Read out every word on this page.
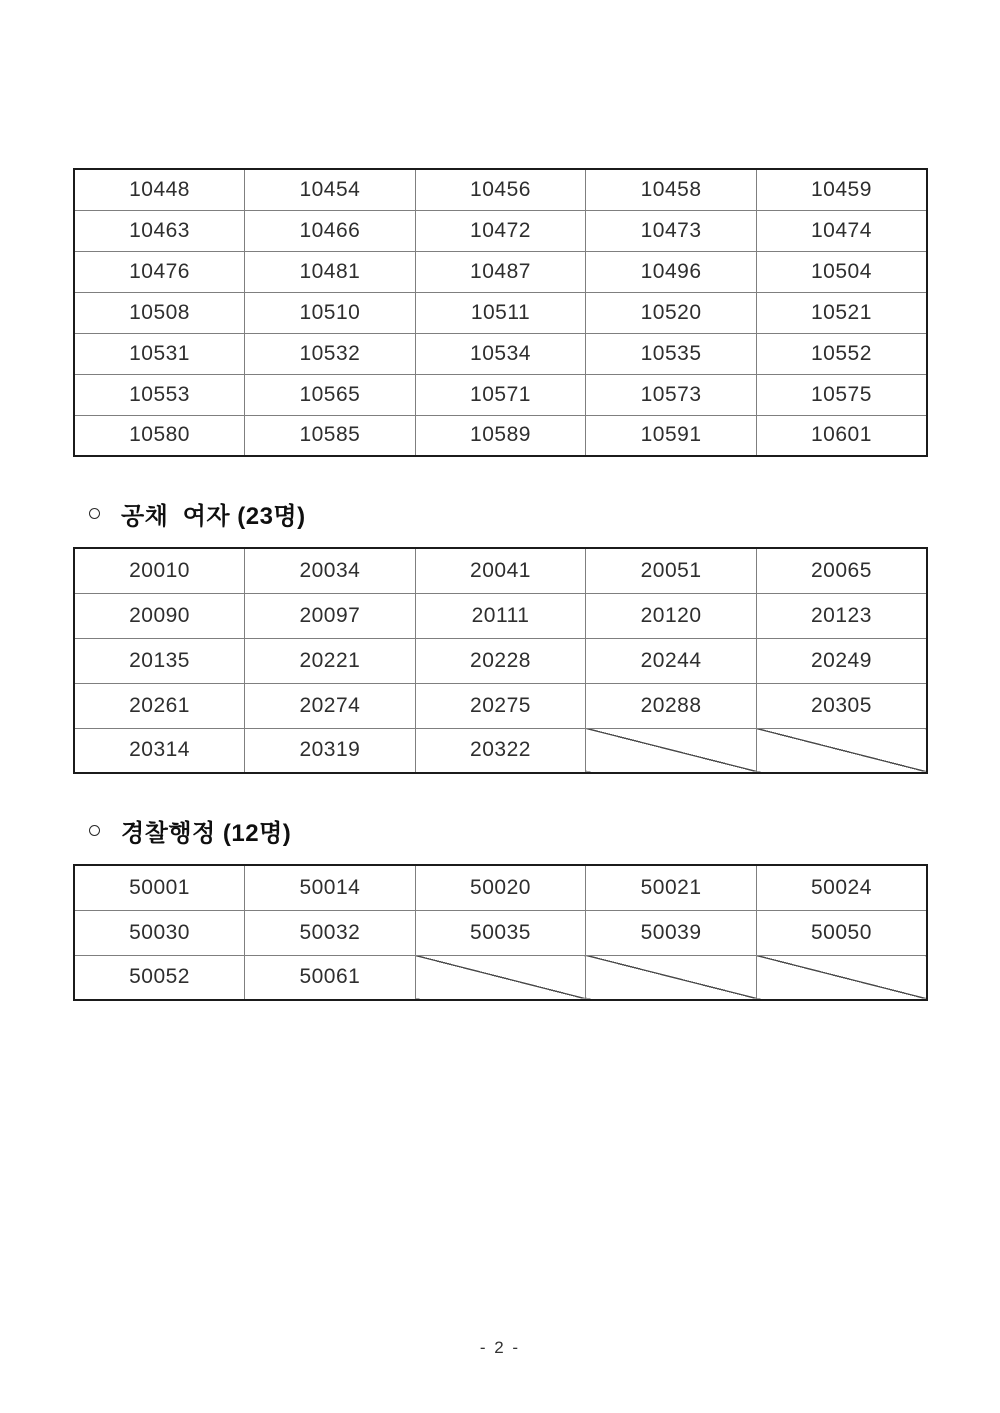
10448	10454	10456	10458	10459
10463	10466	10472	10473	10474
10476	10481	10487	10496	10504
10508	10510	10511	10520	10521
10531	10532	10534	10535	10552
10553	10565	10571	10573	10575
10580	10585	10589	10591	10601
공채  여자 (23명)
20010	20034	20041	20051	20065
20090	20097	20111	20120	20123
20135	20221	20228	20244	20249
20261	20274	20275	20288	20305
20314	20319	20322		
경찰행정 (12명)
50001	50014	50020	50021	50024
50030	50032	50035	50039	50050
50052	50061			
- 2 -
